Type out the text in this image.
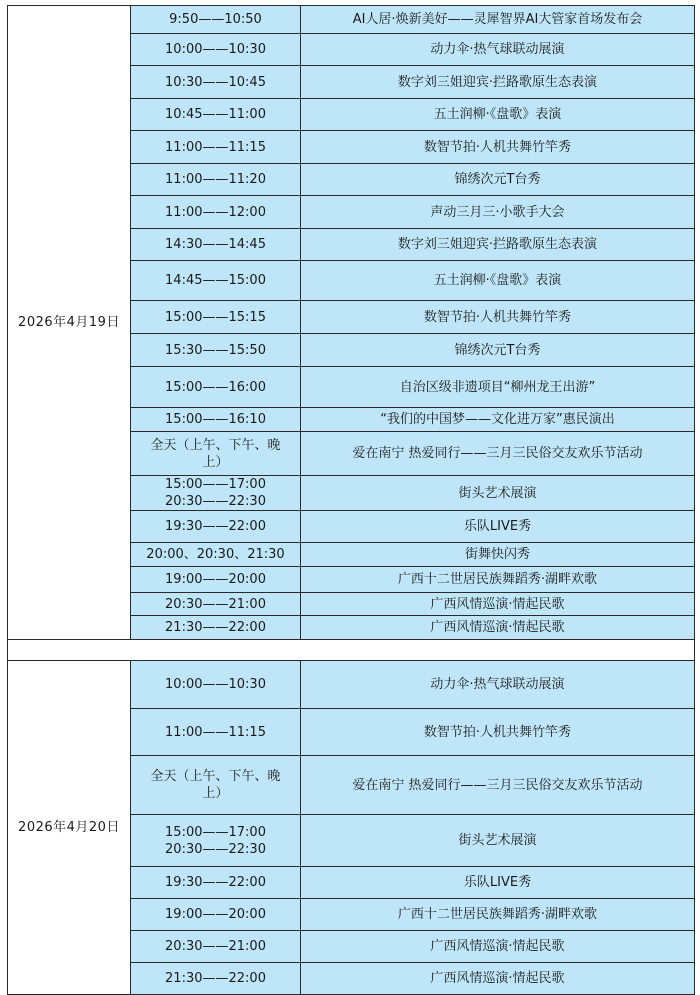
2026年4月19日	9:50——10:50	AI人居·焕新美好——灵犀智界AI大管家首场发布会

	10:00——10:30	动力伞·热气球联动展演

	10:30——10:45	数字刘三姐迎宾·拦路歌原生态表演

	10:45——11:00	五土润柳·《盘歌》表演

	11:00——11:15	数智节拍·人机共舞竹竿秀

	11:00——11:20	锦绣次元T台秀

	11:00——12:00	声动三月三·小歌手大会

	14:30——14:45	数字刘三姐迎宾·拦路歌原生态表演

	14:45——15:00	五土润柳·《盘歌》表演

	15:00——15:15	数智节拍·人机共舞竹竿秀

	15:30——15:50	锦绣次元T台秀

	15:00——16:00	自治区级非遗项目“柳州龙王出游”

	15:00——16:10	“我们的中国梦——文化进万家”惠民演出

	全天（上午、下午、晚
上）	爱在南宁 热爱同行——三月三民俗交友欢乐节活动

	15:00——17:00
20:30——22:30	街头艺术展演

	19:30——22:00	乐队LIVE秀

	20:00、20:30、21:30	街舞快闪秀

	19:00——20:00	广西十二世居民族舞蹈秀·湖畔欢歌

	20:30——21:00	广西风情巡演·情起民歌

	21:30——22:00	广西风情巡演·情起民歌

2026年4月20日	10:00——10:30	动力伞·热气球联动展演

	11:00——11:15	数智节拍·人机共舞竹竿秀

	全天（上午、下午、晚
上）	爱在南宁 热爱同行——三月三民俗交友欢乐节活动

	15:00——17:00
20:30——22:30	街头艺术展演

	19:30——22:00	乐队LIVE秀

	19:00——20:00	广西十二世居民族舞蹈秀·湖畔欢歌

	20:30——21:00	广西风情巡演·情起民歌

	21:30——22:00	广西风情巡演·情起民歌
